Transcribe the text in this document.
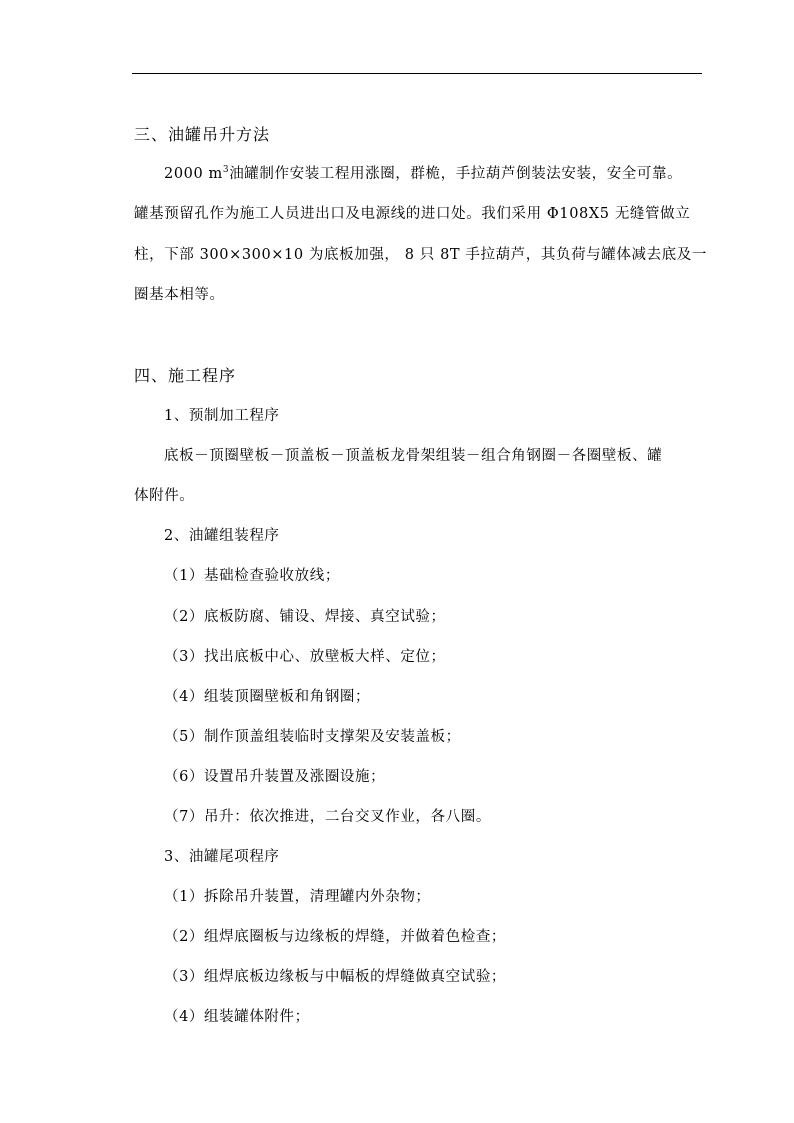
三、油罐吊升方法
2000 $m^3$油罐制作安装工程用涨圈，群桅，手拉葫芦倒装法安装，安全可靠。
罐基预留孔作为施工人员进出口及电源线的进口处。我们采用 Φ108X5 无缝管做立
柱，下部 300×300×10 为底板加强， 8 只 8T 手拉葫芦，其负荷与罐体减去底及一
圈基本相等。
四、施工程序
1、预制加工程序
底板－顶圈壁板－顶盖板－顶盖板龙骨架组装－组合角钢圈－各圈壁板、罐
体附件。
2、油罐组装程序
（1）基础检查验收放线；
（2）底板防腐、铺设、焊接、真空试验；
（3）找出底板中心、放壁板大样、定位；
（4）组装顶圈壁板和角钢圈；
（5）制作顶盖组装临时支撑架及安装盖板；
（6）设置吊升装置及涨圈设施；
（7）吊升：依次推进，二台交叉作业，各八圈。
3、油罐尾项程序
（1）拆除吊升装置，清理罐内外杂物；
（2）组焊底圈板与边缘板的焊缝，并做着色检查；
（3）组焊底板边缘板与中幅板的焊缝做真空试验；
（4）组装罐体附件；
